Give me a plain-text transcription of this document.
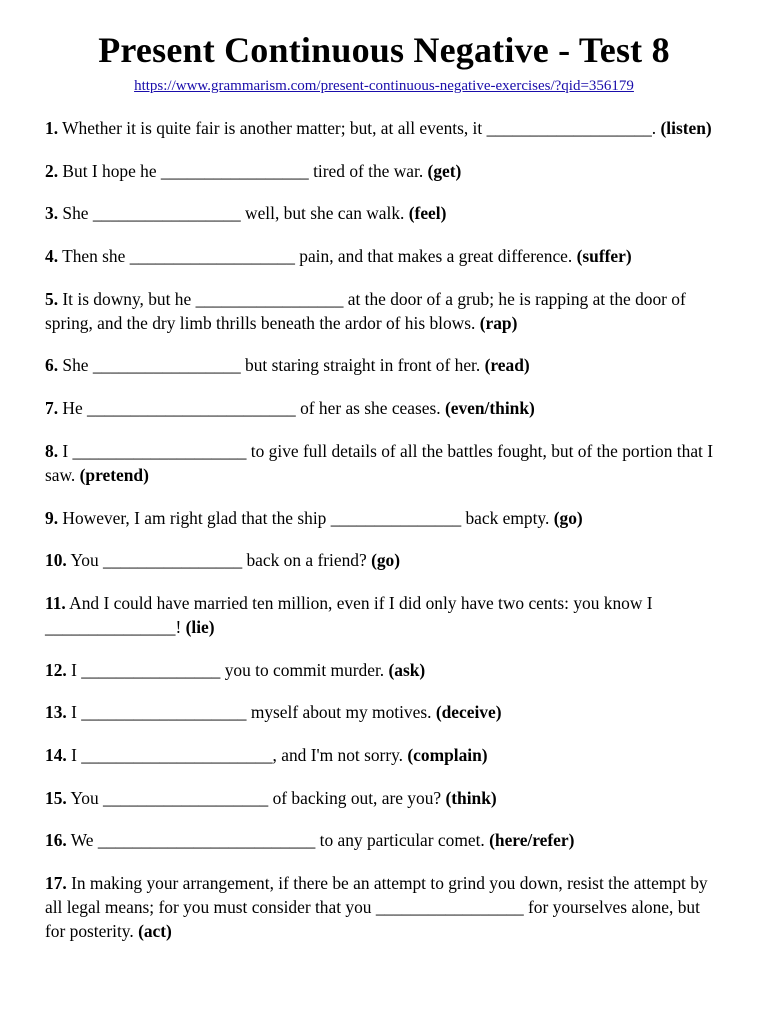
Present Continuous Negative - Test 8
https://www.grammarism.com/present-continuous-negative-exercises/?qid=356179
1. Whether it is quite fair is another matter; but, at all events, it ___________________. (listen)
2. But I hope he _________________ tired of the war. (get)
3. She _________________ well, but she can walk. (feel)
4. Then she ___________________ pain, and that makes a great difference. (suffer)
5. It is downy, but he _________________ at the door of a grub; he is rapping at the door of spring, and the dry limb thrills beneath the ardor of his blows. (rap)
6. She _________________ but staring straight in front of her. (read)
7. He ________________________ of her as she ceases. (even/think)
8. I ____________________ to give full details of all the battles fought, but of the portion that I saw. (pretend)
9. However, I am right glad that the ship _______________ back empty. (go)
10. You ________________ back on a friend? (go)
11. And I could have married ten million, even if I did only have two cents: you know I _______________! (lie)
12. I ________________ you to commit murder. (ask)
13. I ___________________ myself about my motives. (deceive)
14. I ______________________, and I'm not sorry. (complain)
15. You ___________________ of backing out, are you? (think)
16. We _________________________ to any particular comet. (here/refer)
17. In making your arrangement, if there be an attempt to grind you down, resist the attempt by all legal means; for you must consider that you _________________ for yourselves alone, but for posterity. (act)
